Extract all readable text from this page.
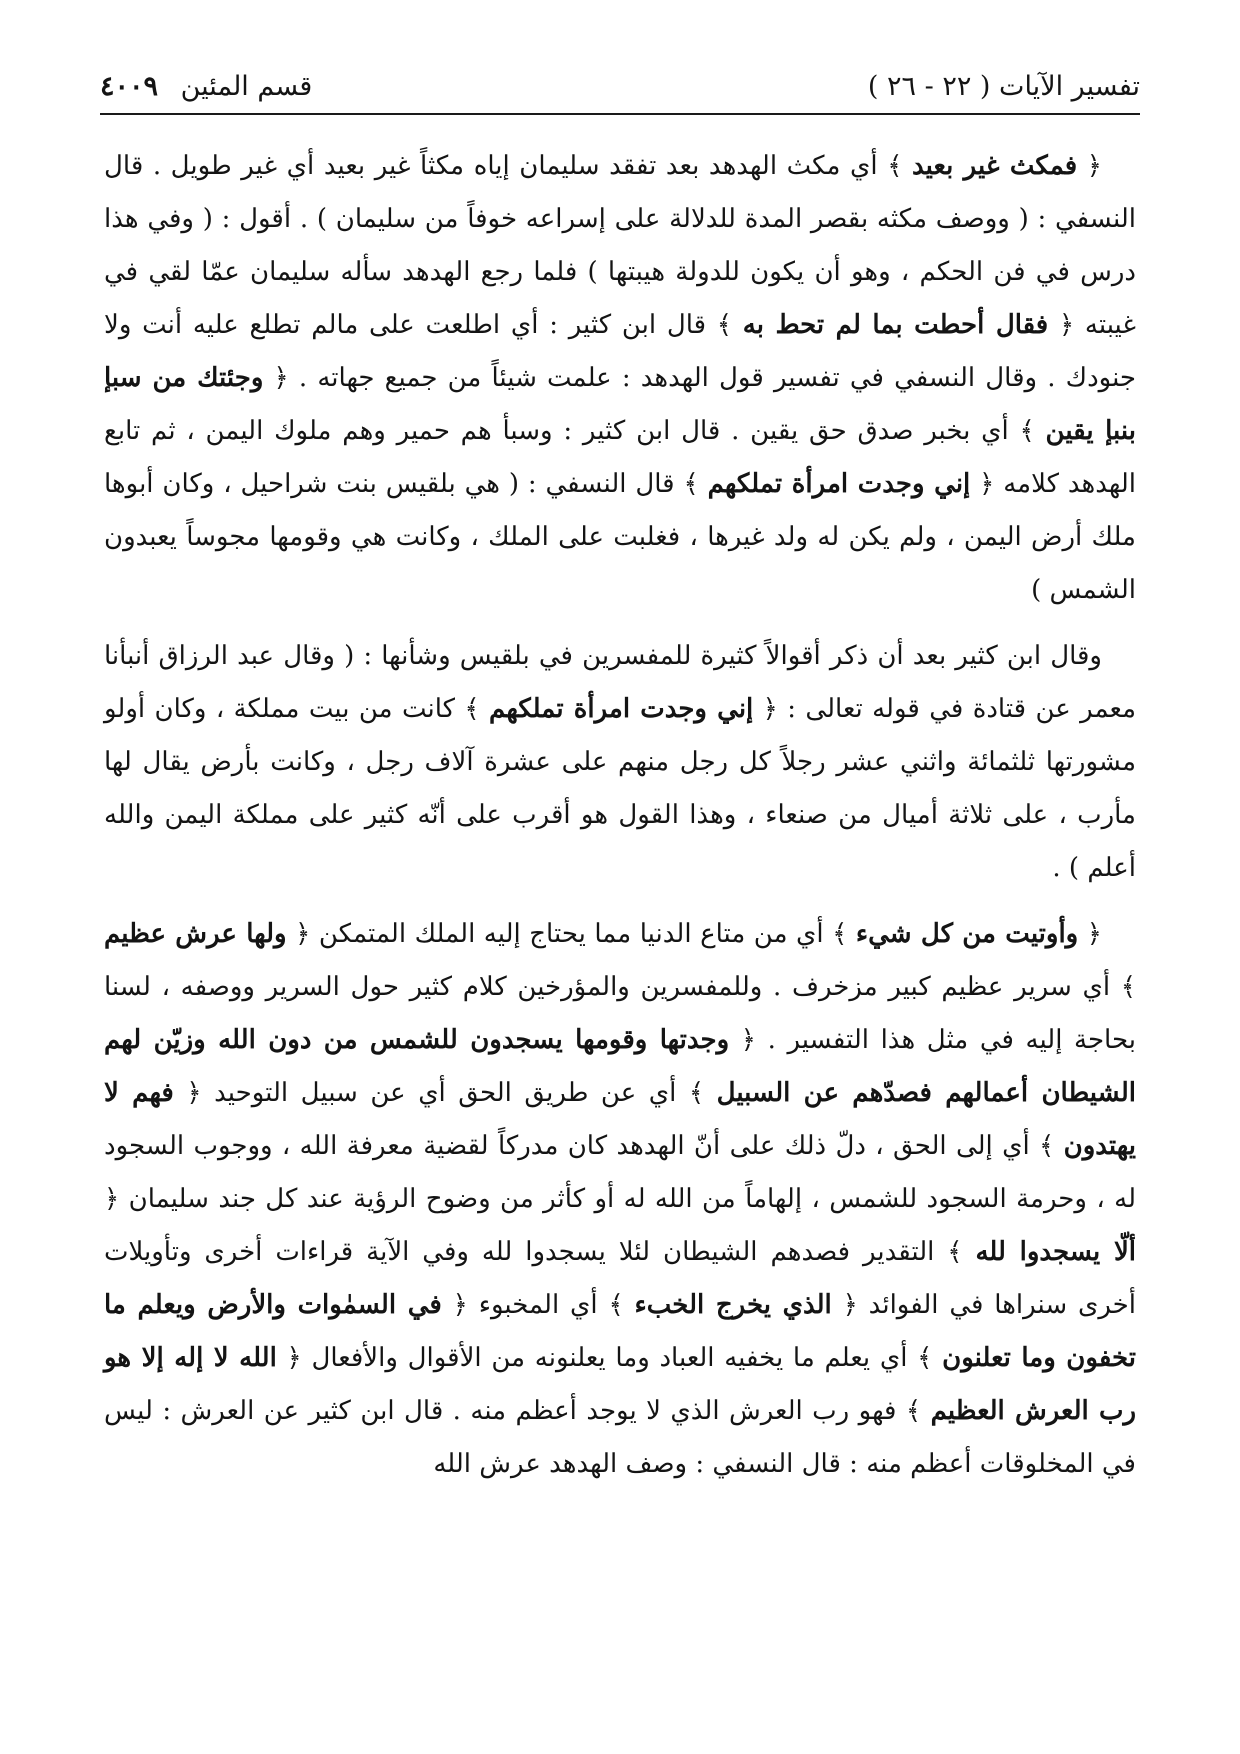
تفسير الآيات ( ٢٢ - ٢٦ )
قسم المئين ٤٠٠٩

﴿ فمكث غير بعيد ﴾ أي مكث الهدهد بعد تفقد سليمان إياه مكثاً غير بعيد أي غير طويل . قال النسفي : ( ووصف مكثه بقصر المدة للدلالة على إسراعه خوفاً من سليمان ) . أقول : ( وفي هذا درس في فن الحكم ، وهو أن يكون للدولة هيبتها ) فلما رجع الهدهد سأله سليمان عمّا لقي في غيبته ﴿ فقال أحطت بما لم تحط به ﴾ قال ابن كثير : أي اطلعت على مالم تطلع عليه أنت ولا جنودك . وقال النسفي في تفسير قول الهدهد : علمت شيئاً من جميع جهاته . ﴿ وجئتك من سبإ بنبإ يقين ﴾ أي بخبر صدق حق يقين . قال ابن كثير : وسبأ هم حمير وهم ملوك اليمن ، ثم تابع الهدهد كلامه ﴿ إني وجدت امرأة تملكهم ﴾ قال النسفي : ( هي بلقيس بنت شراحيل ، وكان أبوها ملك أرض اليمن ، ولم يكن له ولد غيرها ، فغلبت على الملك ، وكانت هي وقومها مجوساً يعبدون الشمس )

وقال ابن كثير بعد أن ذكر أقوالاً كثيرة للمفسرين في بلقيس وشأنها : ( وقال عبد الرزاق أنبأنا معمر عن قتادة في قوله تعالى : ﴿ إني وجدت امرأة تملكهم ﴾ كانت من بيت مملكة ، وكان أولو مشورتها ثلثمائة واثني عشر رجلاً كل رجل منهم على عشرة آلاف رجل ، وكانت بأرض يقال لها مأرب ، على ثلاثة أميال من صنعاء ، وهذا القول هو أقرب على أنّه كثير على مملكة اليمن والله أعلم ) .

﴿ وأوتيت من كل شيء ﴾ أي من متاع الدنيا مما يحتاج إليه الملك المتمكن ﴿ ولها عرش عظيم ﴾ أي سرير عظيم كبير مزخرف . وللمفسرين والمؤرخين كلام كثير حول السرير ووصفه ، لسنا بحاجة إليه في مثل هذا التفسير . ﴿ وجدتها وقومها يسجدون للشمس من دون الله وزيّن لهم الشيطان أعمالهم فصدّهم عن السبيل ﴾ أي عن طريق الحق أي عن سبيل التوحيد ﴿ فهم لا يهتدون ﴾ أي إلى الحق ، دلّ ذلك على أنّ الهدهد كان مدركاً لقضية معرفة الله ، ووجوب السجود له ، وحرمة السجود للشمس ، إلهاماً من الله له أو كأثر من وضوح الرؤية عند كل جند سليمان ﴿ ألّا يسجدوا لله ﴾ التقدير فصدهم الشيطان لئلا يسجدوا لله وفي الآية قراءات أخرى وتأويلات أخرى سنراها في الفوائد ﴿ الذي يخرج الخبء ﴾ أي المخبوء ﴿ في السمٰوات والأرض ويعلم ما تخفون وما تعلنون ﴾ أي يعلم ما يخفيه العباد وما يعلنونه من الأقوال والأفعال ﴿ الله لا إله إلا هو رب العرش العظيم ﴾ فهو رب العرش الذي لا يوجد أعظم منه . قال ابن كثير عن العرش : ليس في المخلوقات أعظم منه : قال النسفي : وصف الهدهد عرش الله
